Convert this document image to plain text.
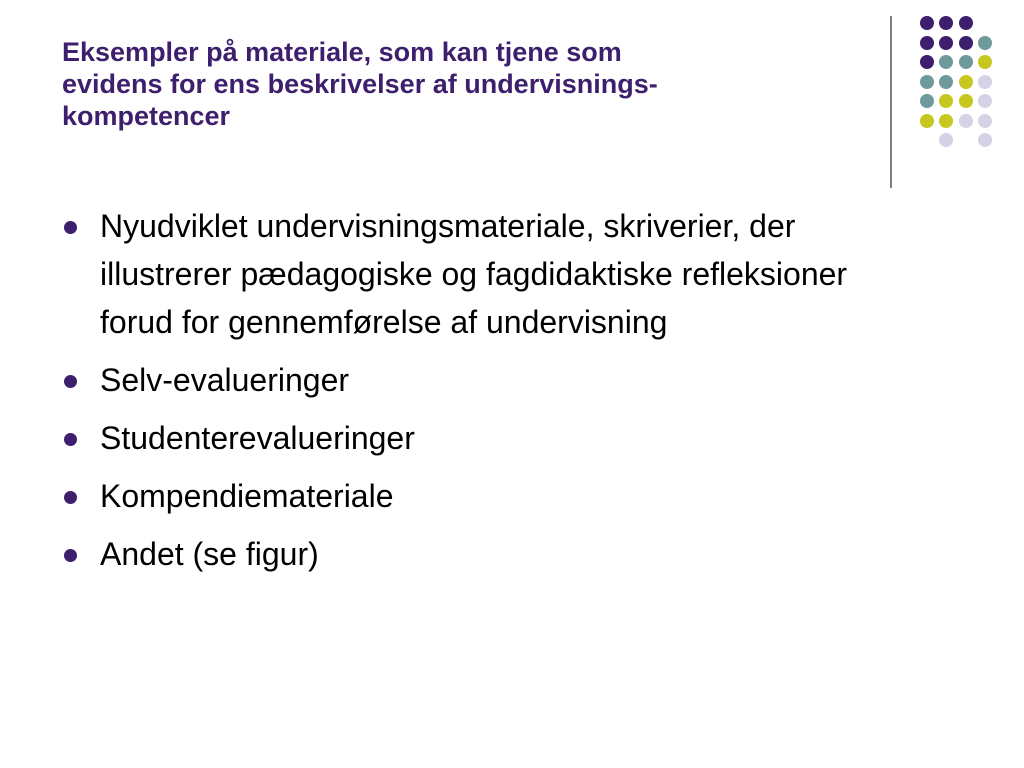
Eksempler på materiale, som kan tjene som
evidens for ens beskrivelser af undervisnings-
kompetencer
Nyudviklet undervisningsmateriale, skriverier, der illustrerer pædagogiske og fagdidaktiske refleksioner forud for gennemførelse af undervisning
Selv-evalueringer
Studenterevalueringer
Kompendiemateriale
Andet (se figur)
